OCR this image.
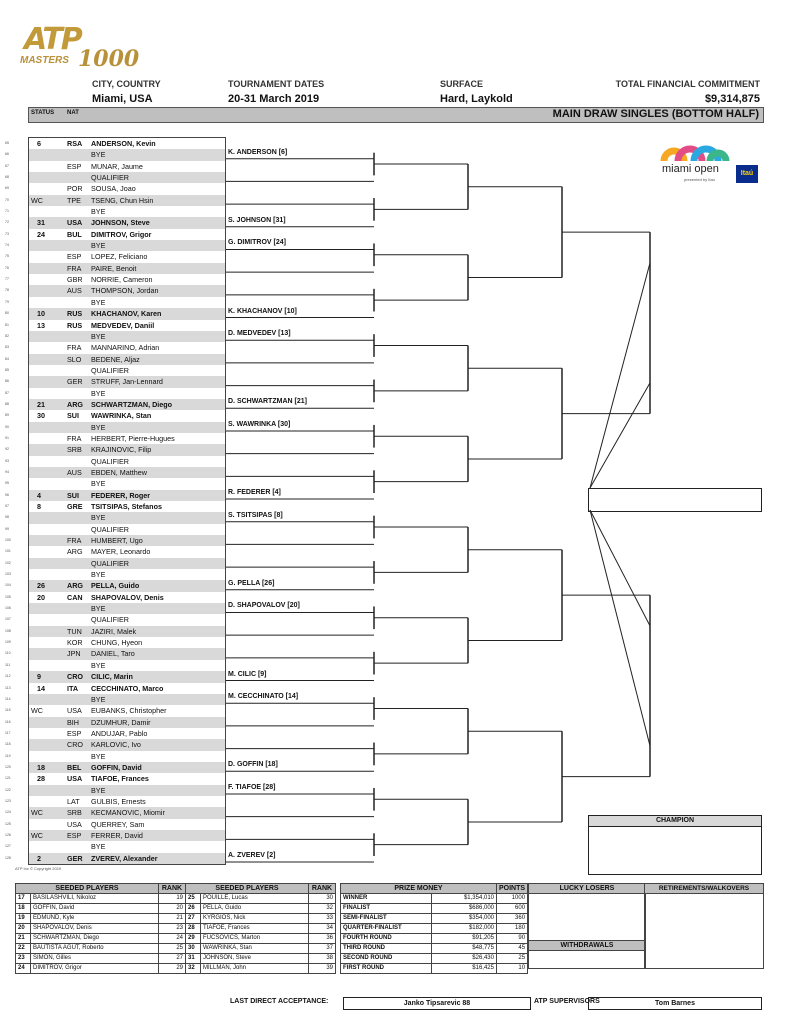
ATP
MASTERS 1000
CITY, COUNTRY
Miami, USA
TOURNAMENT DATES
20-31 March 2019
SURFACE
Hard, Laykold
TOTAL FINANCIAL COMMITMENT
$9,314,875
STATUS NAT	MAIN DRAW SINGLES (BOTTOM HALF)
miami open
presented by Itaú
Itaú
6	RSA ANDERSON, Kevin
BYE
ESP MUNAR, Jaume
QUALIFIER
POR SOUSA, Joao
WC	TPE TSENG, Chun Hsin
BYE
31	USA JOHNSON, Steve
24	BUL DIMITROV, Grigor
BYE
ESP LOPEZ, Feliciano
FRA PAIRE, Benoit
GBR NORRIE, Cameron
AUS THOMPSON, Jordan
BYE
10	RUS KHACHANOV, Karen
13	RUS MEDVEDEV, Daniil
BYE
FRA MANNARINO, Adrian
SLO BEDENE, Aljaz
QUALIFIER
GER STRUFF, Jan-Lennard
BYE
21	ARG SCHWARTZMAN, Diego
30	SUI WAWRINKA, Stan
BYE
FRA HERBERT, Pierre-Hugues
SRB KRAJINOVIC, Filip
QUALIFIER
AUS EBDEN, Matthew
BYE
4	SUI FEDERER, Roger
8	GRE TSITSIPAS, Stefanos
BYE
QUALIFIER
FRA HUMBERT, Ugo
ARG MAYER, Leonardo
QUALIFIER
BYE
26	ARG PELLA, Guido
20	CAN SHAPOVALOV, Denis
BYE
QUALIFIER
TUN JAZIRI, Malek
KOR CHUNG, Hyeon
JPN DANIEL, Taro
BYE
9	CRO CILIC, Marin
14	ITA CECCHINATO, Marco
BYE
WC	USA EUBANKS, Christopher
BIH DZUMHUR, Damir
ESP ANDUJAR, Pablo
CRO KARLOVIC, Ivo
BYE
18	BEL GOFFIN, David
28	USA TIAFOE, Frances
BYE
LAT GULBIS, Ernests
WC	SRB KECMANOVIC, Miomir
USA QUERREY, Sam
WC	ESP FERRER, David
BYE
2	GER ZVEREV, Alexander
65
66
67
68
69
70
71
72
73
74
75
76
77
78
79
80
81
82
83
84
85
86
87
88
89
90
91
92
93
94
95
96
97
98
99
100
101
102
103
104
105
106
107
108
109
110
111
112
113
114
115
116
117
118
119
120
121
122
123
124
125
126
127
128
K. ANDERSON [6]
S. JOHNSON [31]
G. DIMITROV [24]
K. KHACHANOV [10]
D. MEDVEDEV [13]
D. SCHWARTZMAN [21]
S. WAWRINKA [30]
R. FEDERER [4]
S. TSITSIPAS [8]
G. PELLA [26]
D. SHAPOVALOV [20]
M. CILIC [9]
M. CECCHINATO [14]
D. GOFFIN [18]
F. TIAFOE [28]
A. ZVEREV [2]
CHAMPION
ATP Inc © Copyright 2019
SEEDED PLAYERS		RANK	SEEDED PLAYERS		RANK
17	BASILASHVILI, Nikoloz	19	25	POUILLE, Lucas	30
18	GOFFIN, David	20	26	PELLA, Guido	32
19	EDMUND, Kyle	21	27	KYRGIOS, Nick	33
20	SHAPOVALOV, Denis	23	28	TIAFOE, Frances	34
21	SCHWARTZMAN, Diego	24	29	FUCSOVICS, Marton	36
22	BAUTISTA AGUT, Roberto	25	30	WAWRINKA, Stan	37
23	SIMON, Gilles	27	31	JOHNSON, Steve	38
24	DIMITROV, Grigor	29	32	MILLMAN, John	39
PRIZE MONEY		POINTS
WINNER	$1,354,010	1000
FINALIST	$686,000	600
SEMI-FINALIST	$354,000	360
QUARTER-FINALIST	$182,000	180
FOURTH ROUND	$91,205	90
THIRD ROUND	$48,775	45
SECOND ROUND	$26,430	25
FIRST ROUND	$16,425	10
LUCKY LOSERS
WITHDRAWALS
RETIREMENTS/WALKOVERS
LAST DIRECT ACCEPTANCE:	Janko Tipsarevic 88	ATP SUPERVISORS	Tom Barnes
